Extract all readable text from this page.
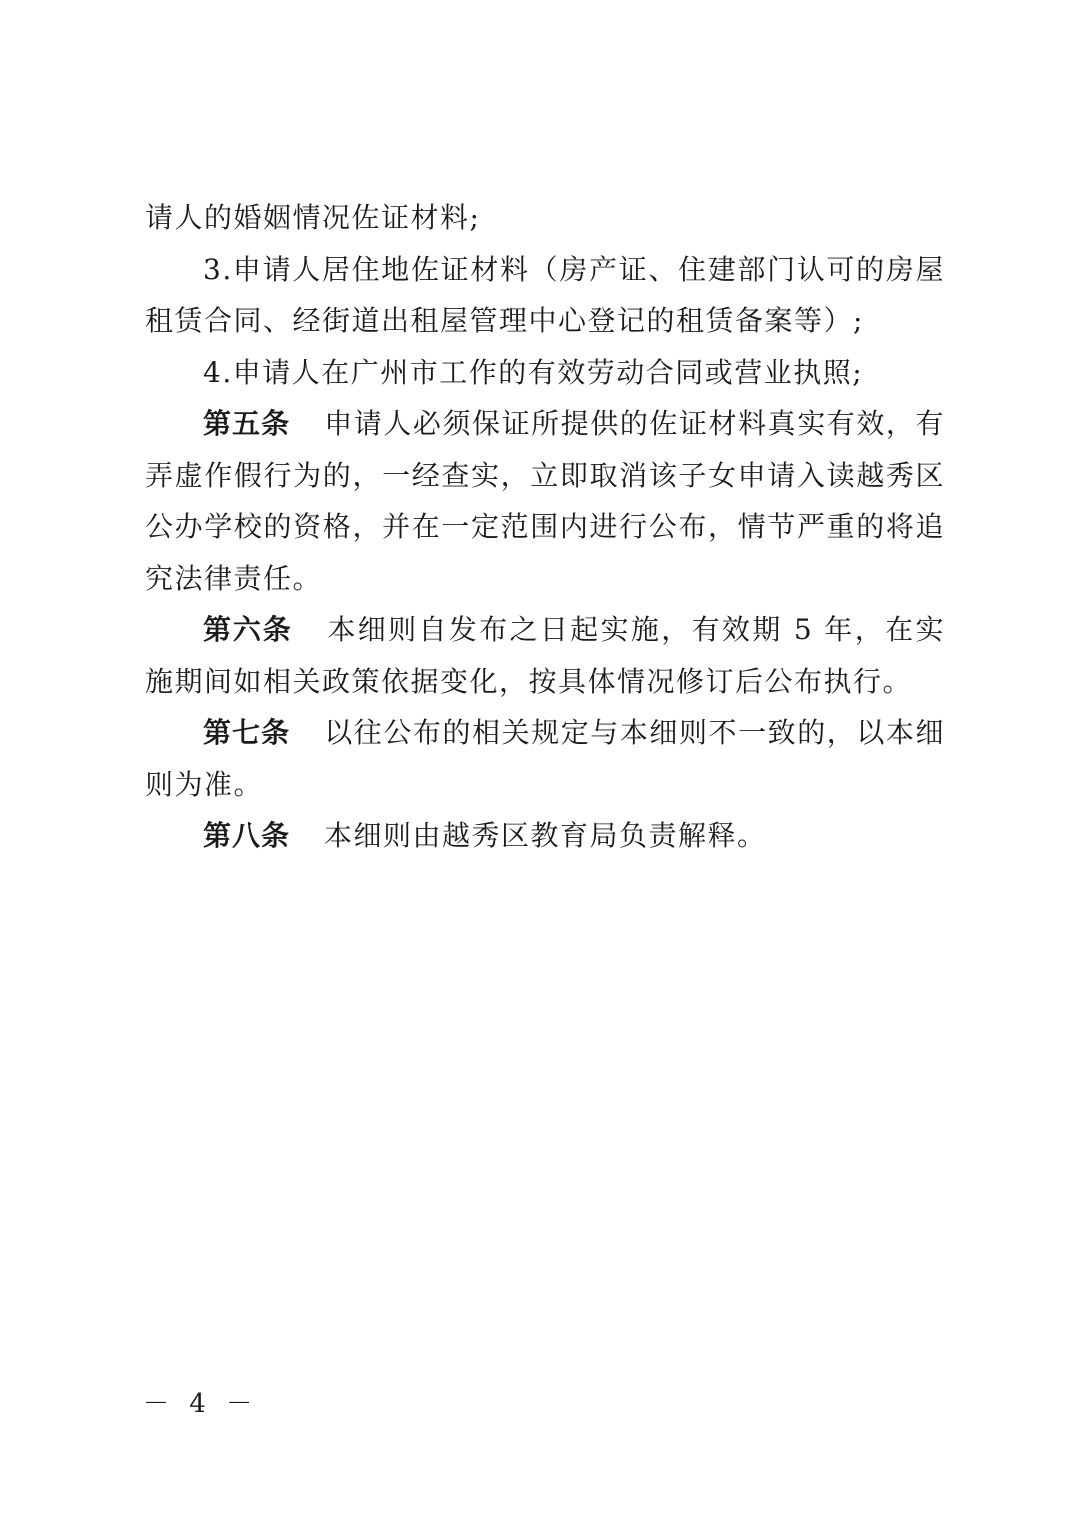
请人的婚姻情况佐证材料;

3.申请人居住地佐证材料（房产证、住建部门认可的房屋租赁合同、经街道出租屋管理中心登记的租赁备案等）;

4.申请人在广州市工作的有效劳动合同或营业执照;

第五条 申请人必须保证所提供的佐证材料真实有效，有弄虚作假行为的，一经查实，立即取消该子女申请入读越秀区公办学校的资格，并在一定范围内进行公布，情节严重的将追究法律责任。

第六条 本细则自发布之日起实施，有效期 5 年，在实施期间如相关政策依据变化，按具体情况修订后公布执行。

第七条 以往公布的相关规定与本细则不一致的，以本细则为准。

第八条 本细则由越秀区教育局负责解释。

－ 4 －
